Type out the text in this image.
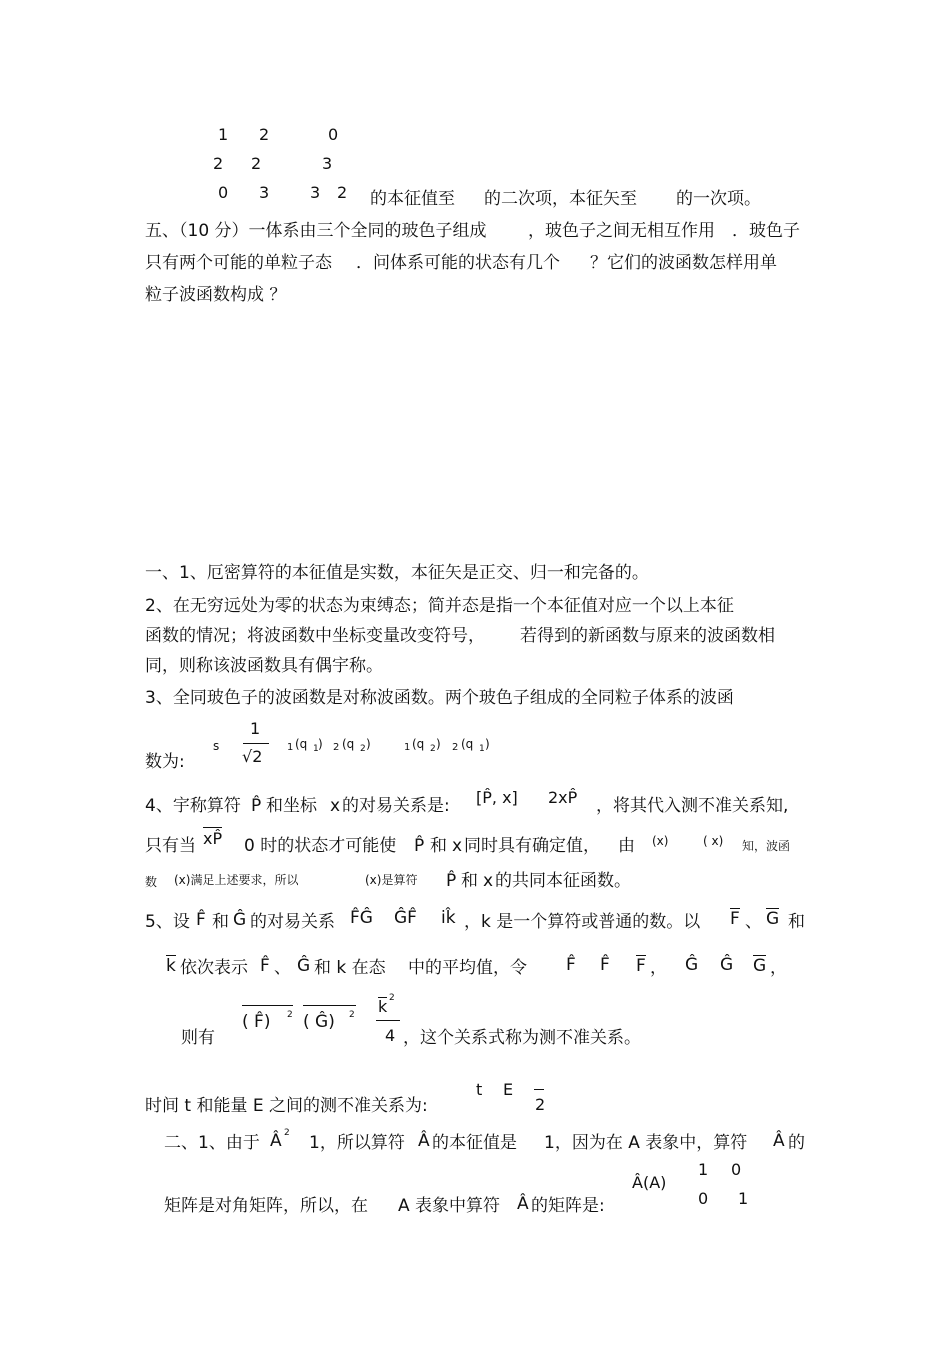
1 2	0
2 2	3
0 3	3 2 的本征值至 的二次项，本征矢至 的一次项。
五、（10 分）一体系由三个全同的玻色子组成 ，玻色子之间无相互作用 ．玻色子
只有两个可能的单粒子态 ．问体系可能的状态有几个 ？它们的波函数怎样用单
粒子波函数构成 ？
一、1、厄密算符的本征值是实数，本征矢是正交、归一和完备的。
2、在无穷远处为零的状态为束缚态；简并态是指一个本征值对应一个以上本征
函数的情况；将波函数中坐标变量改变符号， 若得到的新函数与原来的波函数相
同，则称该波函数具有偶宇称。
3、全同玻色子的波函数是对称波函数。两个玻色子组成的全同粒子体系的波函
数为:
s
1
√2 1 (q 1 ) 2 (q 2 )	1 (q 2 ) 2 (q 1 )
4、宇称算符 P̂ 和坐标 x 的对易关系是: [P̂, x] 2xP̂ ，将其代入测不准关系知,
只有当 xP̂ 0 时的状态才可能使 P̂ 和 x 同时具有确定值， 由 (x)	( x) 知，波函
数 (x)满足上述要求，所以	(x)是算符 P̂ 和 x 的共同本征函数。
5、设 F̂ 和 Ĝ 的对易关系 F̂Ĝ ĜF̂ ik̂ ，k 是一个算符或普通的数。以 F 、 G 和
k 依次表示 F̂ 、 Ĝ 和 k 在态 中的平均值，令 F̂ F̂ F ， Ĝ Ĝ G ，
则有
( F̂)	2 ( Ĝ)	2 k 2
4 ，这个关系式称为测不准关系。
时间 t 和能量 E 之间的测不准关系为:
t E
2
二、1、由于 Â 2 1，所以算符 Â 的本征值是 1，因为在 A 表象中，算符 Â 的
矩阵是对角矩阵，所以，在 A 表象中算符 Â 的矩阵是:
Â(A)
1 0
0 1
